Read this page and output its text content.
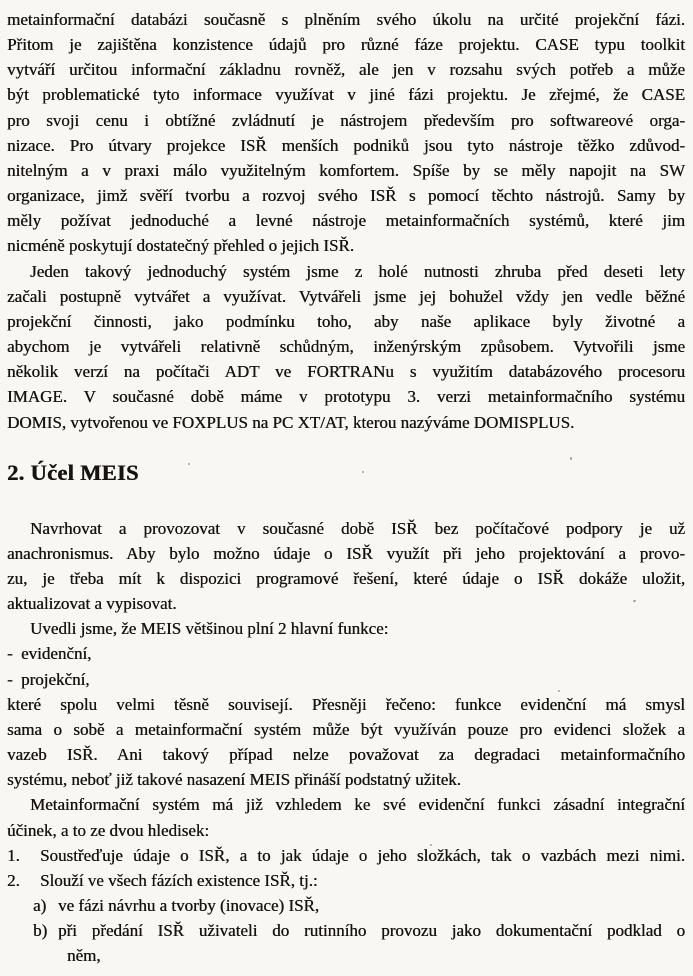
metainformační databázi současně s plněním svého úkolu na určité projekční fázi.
Přitom je zajištěna konzistence údajů pro různé fáze projektu. CASE typu toolkit
vytváří určitou informační základnu rovněž, ale jen v rozsahu svých potřeb a může
být problematické tyto informace využívat v jiné fázi projektu. Je zřejmé, že CASE
pro svoji cenu i obtížné zvládnutí je nástrojem především pro softwareové orga-
nizace. Pro útvary projekce ISŘ menších podniků jsou tyto nástroje těžko zdůvod-
nitelným a v praxi málo využitelným komfortem. Spíše by se měly napojit na SW
organizace, jimž svěří tvorbu a rozvoj svého ISŘ s pomocí těchto nástrojů. Samy by
měly požívat jednoduché a levné nástroje metainformačních systémů, které jim
nicméně poskytují dostatečný přehled o jejich ISŘ.
Jeden takový jednoduchý systém jsme z holé nutnosti zhruba před deseti lety
začali postupně vytvářet a využívat. Vytvářeli jsme jej bohužel vždy jen vedle běžné
projekční činnosti, jako podmínku toho, aby naše aplikace byly životné a
abychom je vytvářeli relativně schůdným, inženýrským způsobem. Vytvořili jsme
několik verzí na počítači ADT ve FORTRANu s využitím databázového procesoru
IMAGE. V současné době máme v prototypu 3. verzi metainformačního systému
DOMIS, vytvořenou ve FOXPLUS na PC XT/AT, kterou nazýváme DOMISPLUS.
2. Účel MEIS
Navrhovat a provozovat v současné době ISŘ bez počítačové podpory je už
anachronismus. Aby bylo možno údaje o ISŘ využít při jeho projektování a provo-
zu, je třeba mít k dispozici programové řešení, které údaje o ISŘ dokáže uložit,
aktualizovat a vypisovat.
Uvedli jsme, že MEIS většinou plní 2 hlavní funkce:
- evidenční,
- projekční,
které spolu velmi těsně souvisejí. Přesněji řečeno: funkce evidenční má smysl
sama o sobě a metainformační systém může být využíván pouze pro evidenci složek a
vazeb ISŘ. Ani takový případ nelze považovat za degradaci metainformačního
systému, neboť již takové nasazení MEIS přináší podstatný užitek.
Metainformační systém má již vzhledem ke své evidenční funkci zásadní integrační
účinek, a to ze dvou hledisek:
1. Soustřeďuje údaje o ISŘ, a to jak údaje o jeho složkách, tak o vazbách mezi nimi.
2. Slouží ve všech fázích existence ISŘ, tj.:
a) ve fázi návrhu a tvorby (inovace) ISŘ,
b) při předání ISŘ uživateli do rutinního provozu jako dokumentační podklad o
něm,
